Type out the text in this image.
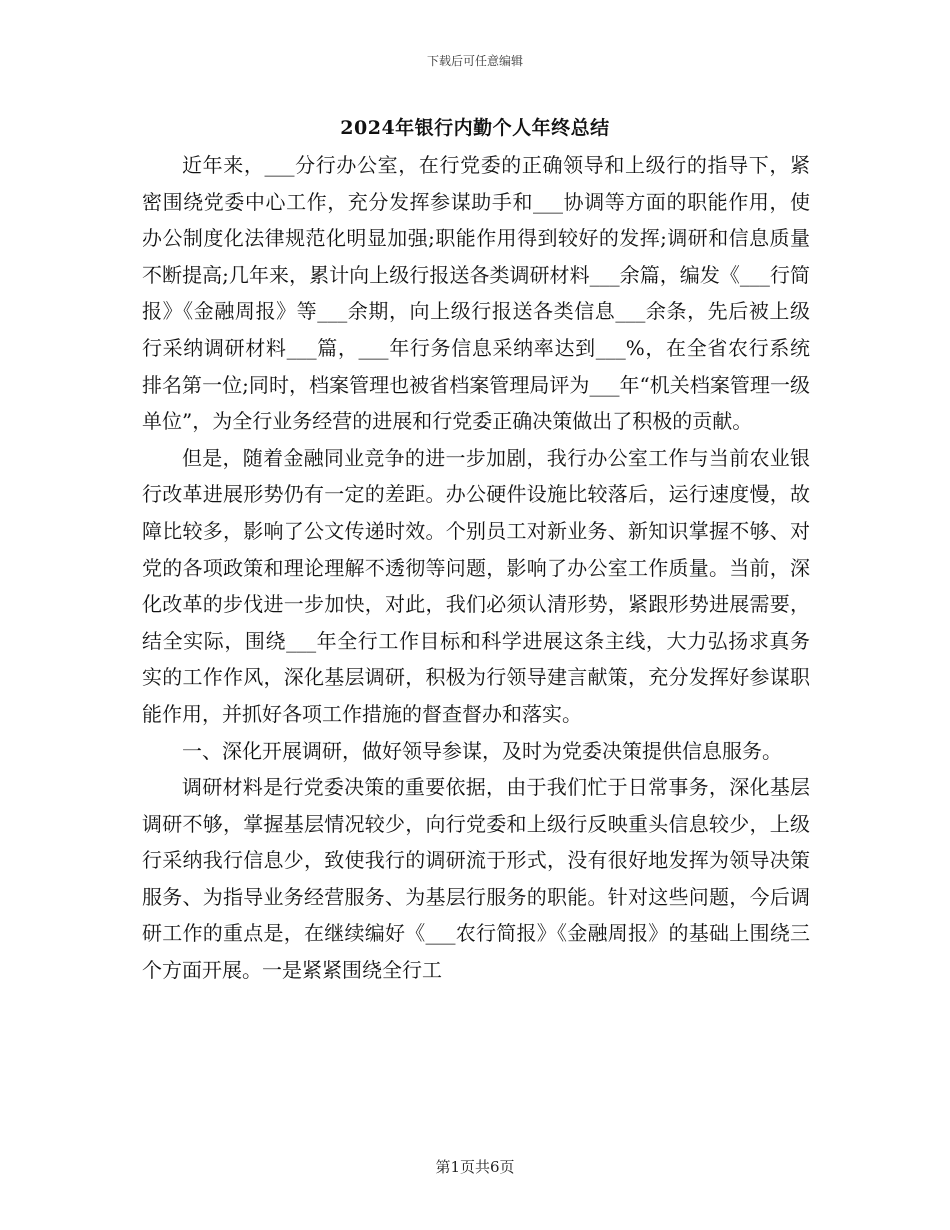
下载后可任意编辑
2024年银行内勤个人年终总结

近年来，___分行办公室，在行党委的正确领导和上级行的指导下，紧密围绕党委中心工作，充分发挥参谋助手和___协调等方面的职能作用，使办公制度化法律规范化明显加强;职能作用得到较好的发挥;调研和信息质量不断提高;几年来，累计向上级行报送各类调研材料___余篇，编发《___行简报》《金融周报》等___余期，向上级行报送各类信息___余条，先后被上级行采纳调研材料___篇，___年行务信息采纳率达到___%，在全省农行系统排名第一位;同时，档案管理也被省档案管理局评为___年“机关档案管理一级单位”，为全行业务经营的进展和行党委正确决策做出了积极的贡献。

但是，随着金融同业竞争的进一步加剧，我行办公室工作与当前农业银行改革进展形势仍有一定的差距。办公硬件设施比较落后，运行速度慢，故障比较多，影响了公文传递时效。个别员工对新业务、新知识掌握不够、对党的各项政策和理论理解不透彻等问题，影响了办公室工作质量。当前，深化改革的步伐进一步加快，对此，我们必须认清形势，紧跟形势进展需要，结全实际，围绕___年全行工作目标和科学进展这条主线，大力弘扬求真务实的工作作风，深化基层调研，积极为行领导建言献策，充分发挥好参谋职能作用，并抓好各项工作措施的督查督办和落实。

一、深化开展调研，做好领导参谋，及时为党委决策提供信息服务。

调研材料是行党委决策的重要依据，由于我们忙于日常事务，深化基层调研不够，掌握基层情况较少，向行党委和上级行反映重头信息较少，上级行采纳我行信息少，致使我行的调研流于形式，没有很好地发挥为领导决策服务、为指导业务经营服务、为基层行服务的职能。针对这些问题，今后调研工作的重点是，在继续编好《___农行简报》《金融周报》的基础上围绕三个方面开展。一是紧紧围绕全行工

第1页共6页
